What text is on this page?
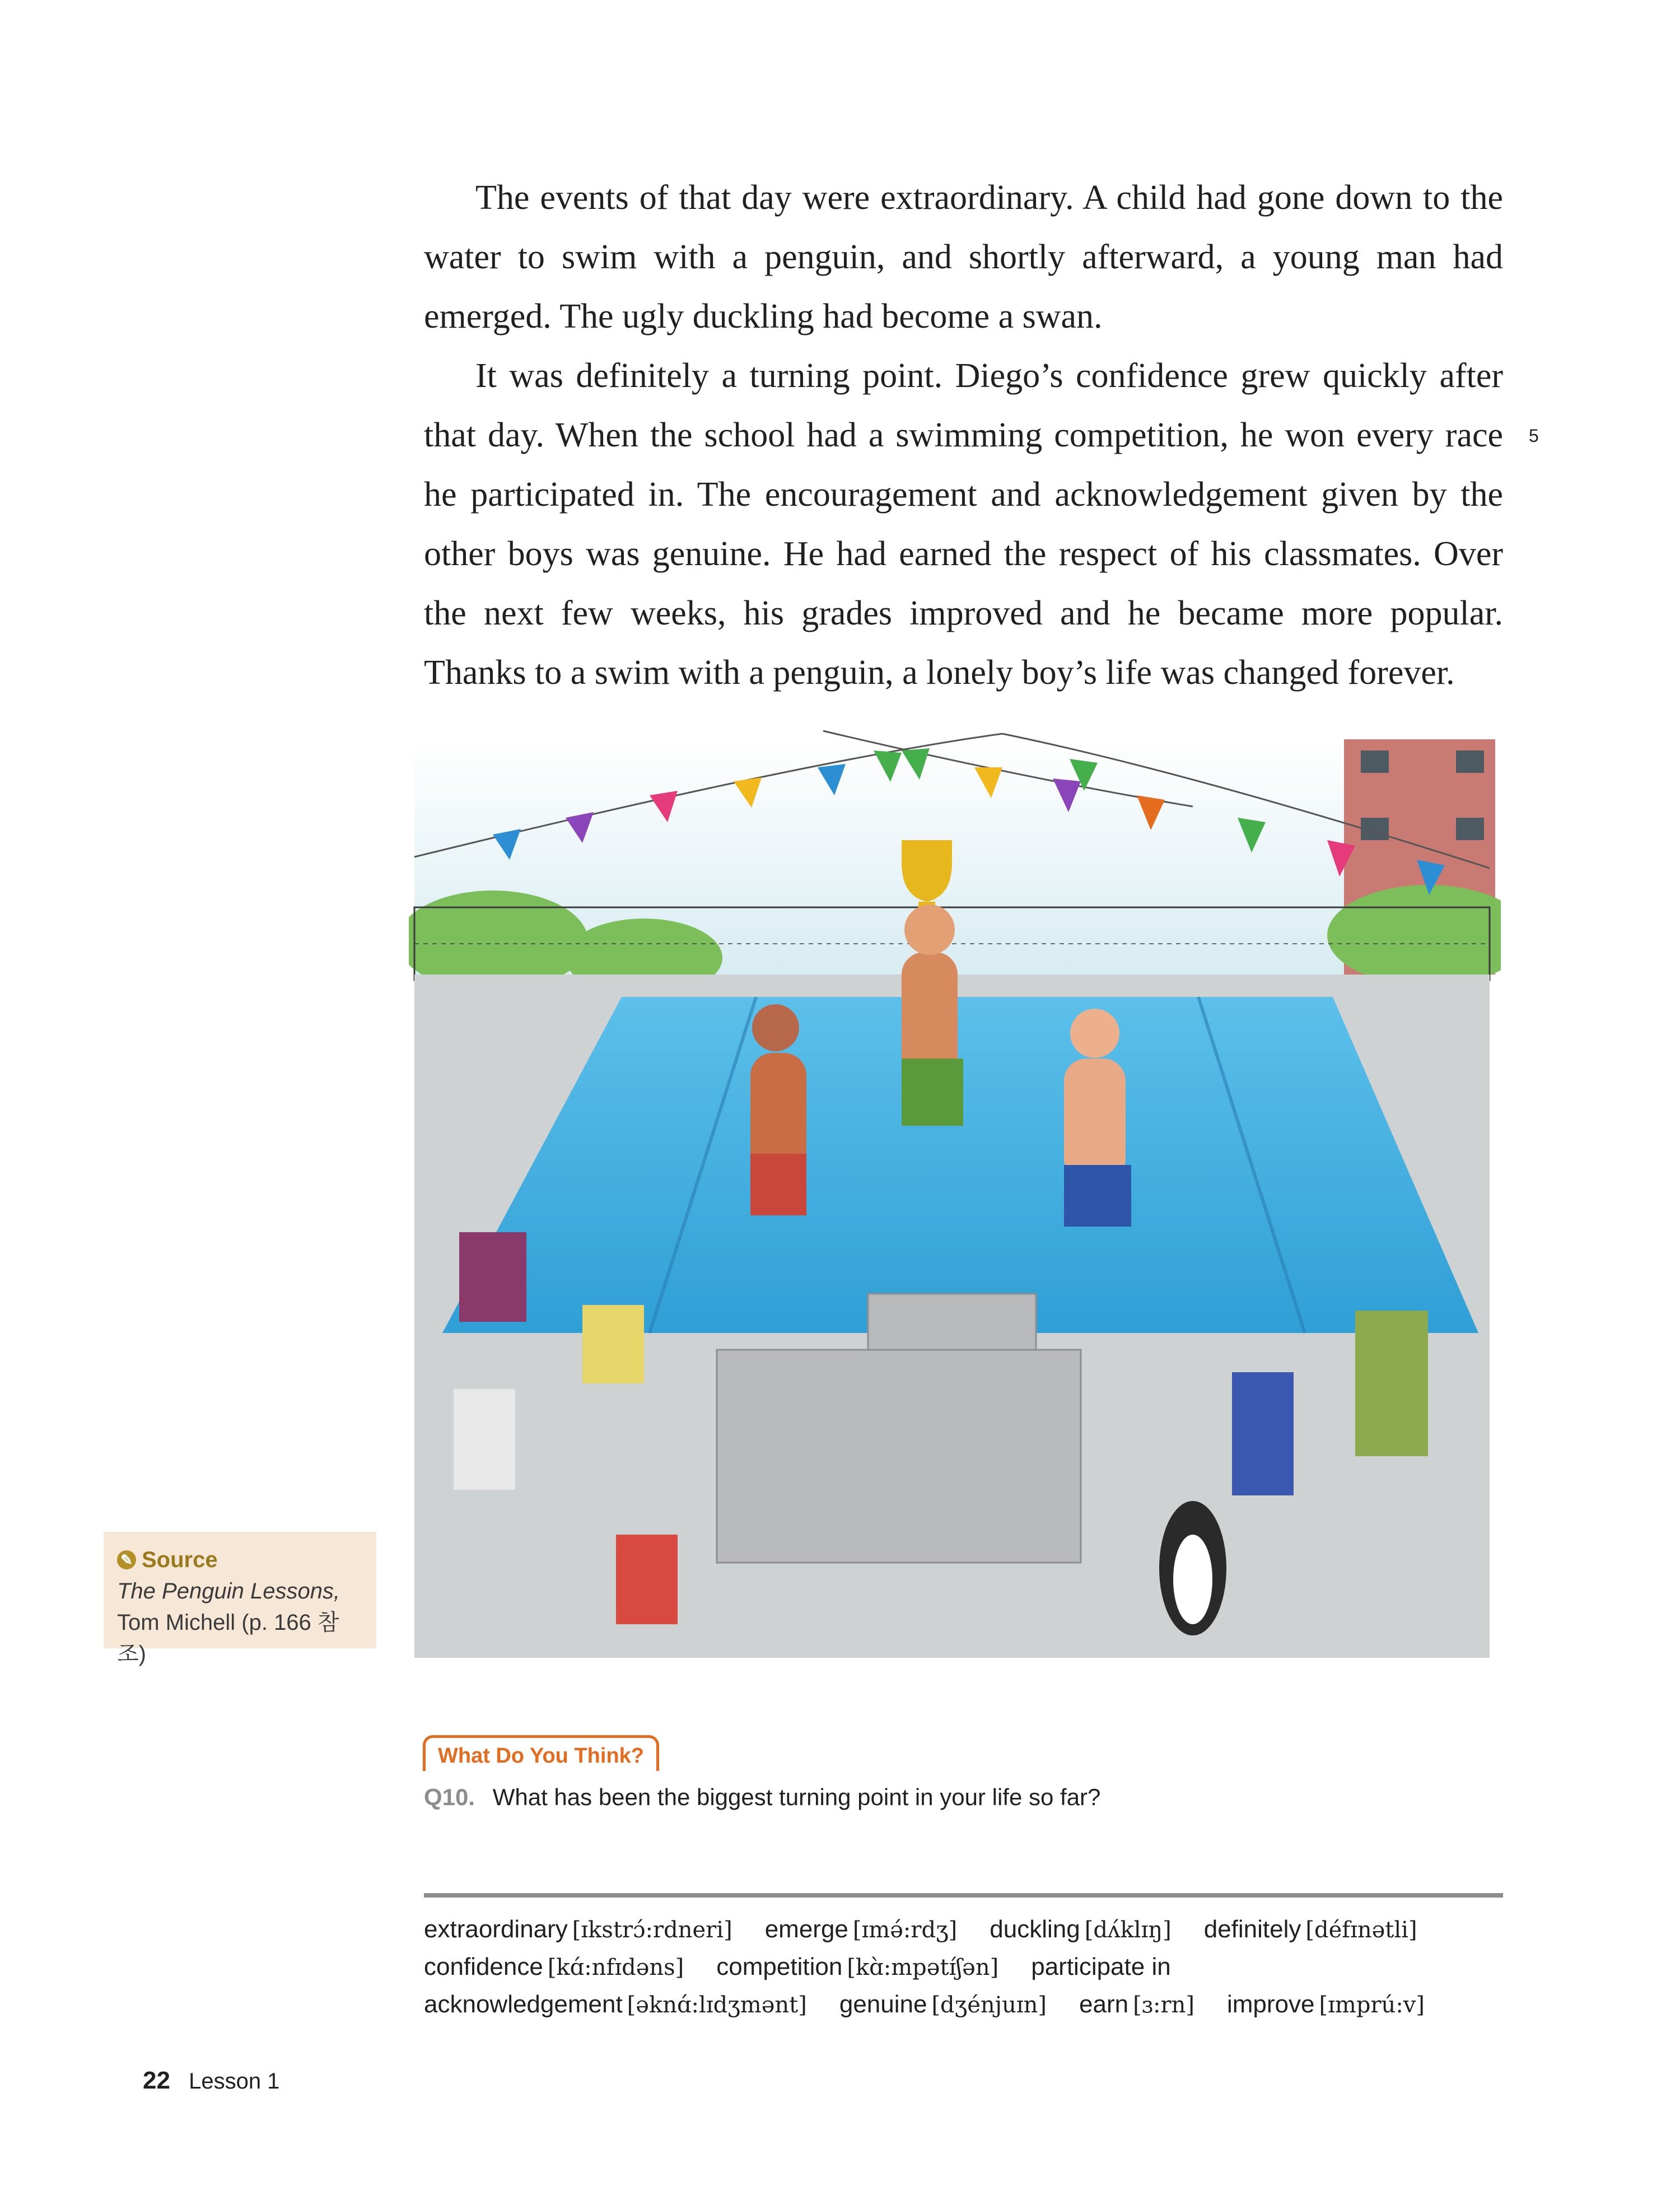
The events of that day were extraordinary. A child had gone down to the water to swim with a penguin, and shortly afterward, a young man had emerged. The ugly duckling had become a swan.

It was definitely a turning point. Diego’s confidence grew quickly after that day. When the school had a swimming competition, he won every race he participated in. The encouragement and acknowledgement given by the other boys was genuine. He had earned the respect of his classmates. Over the next few weeks, his grades improved and he became more popular. Thanks to a swim with a penguin, a lonely boy’s life was changed forever.

5
✎ Source
The Penguin Lessons,
Tom Michell (p. 166 참조)
What Do You Think?
Q10. What has been the biggest turning point in your life so far?
extraordinary [ɪkstrɔ́:rdneri] emerge [ɪmə́:rdʒ] duckling [dʌ́klɪŋ] definitely [défɪnətli]
confidence [kɑ́:nfɪdəns] competition [kɑ̀:mpətɪ́ʃən] participate in
acknowledgement [əknɑ́:lɪdʒmənt] genuine [dʒénjuɪn] earn [ɜ:rn] improve [ɪmprú:v]
22 Lesson 1
